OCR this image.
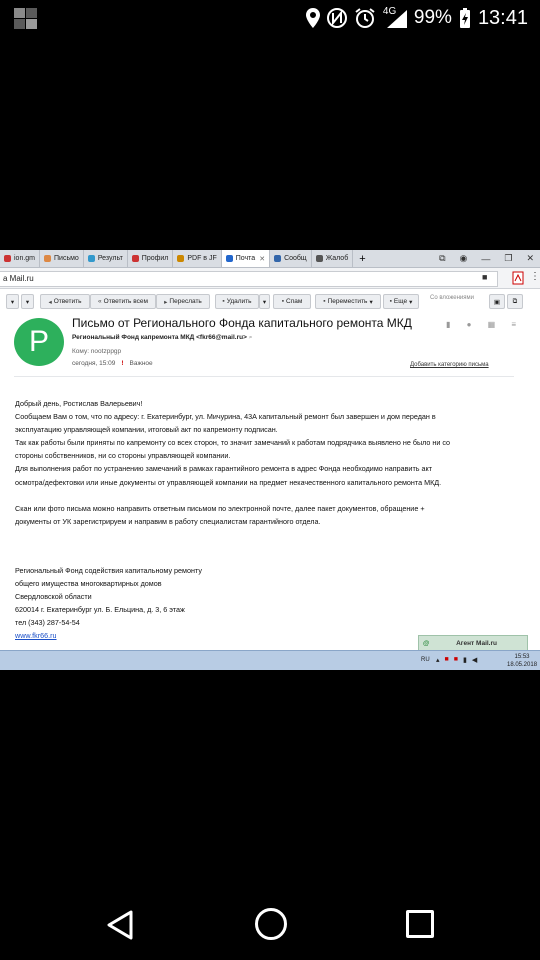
4G 99% 13:41
ion.gm	Письмо	Результ	Профил	PDF в JF	Почта ✕	Сообщ	Жалоб	+	⧉ ◉ — ❐ ✕
a Mail.ru	■	⋮
▾ ▾	◂ Ответить	« Ответить всем ▸ Переслать	▪ Удалить ▾ ▪ Спам	▪ Переместить ▾	▪ Еще ▾
Со вложениями
▣ ⧉
P
Письмо от Регионального Фонда капитального ремонта МКД
Региональный Фонд капремонта МКД <fkr66@mail.ru> ⌕
Кому: nootzppgp
сегодня, 15:09 ! Важное	Добавить категорию письма
▮ ● ▦ ≡

Добрый день, Ростислав Валерьевич!

Сообщаем Вам о том, что по адресу: г. Екатеринбург, ул. Мичурина, 43А капитальный ремонт был завершен и дом передан в

эксплуатацию управляющей компании, итоговый акт по капремонту подписан.

Так как работы были приняты по капремонту со всех сторон, то значит замечаний к работам подрядчика выявлено не было ни со

стороны собственников, ни со стороны управляющей компании.

Для выполнения работ по устранению замечаний в рамках гарантийного ремонта в адрес Фонда необходимо направить акт

осмотра/дефектовки или иные документы от управляющей компании на предмет некачественного капитального ремонта МКД.

Скан или фото письма можно направить ответным письмом по электронной почте, далее пакет документов, обращение +

документы от УК зарегистрируем и направим в работу специалистам гарантийного отдела.

Региональный Фонд содействия капитальному ремонту

общего имущества многоквартирных домов

Свердловской области

620014 г. Екатеринбург ул. Б. Ельцина, д. 3, 6 этаж

тел (343) 287-54-54

www.fkr66.ru

@	Агент Mail.ru
RU ▴ ■ ■ ▮ ◀	15:53
18.05.2018
